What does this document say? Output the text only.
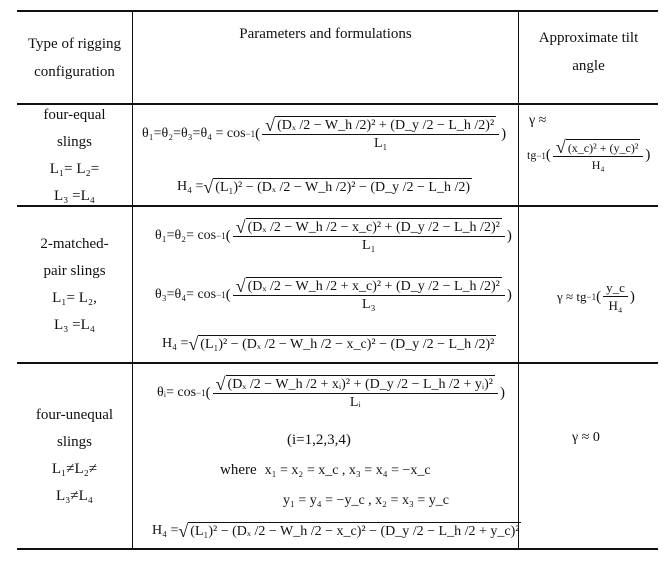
Type of rigging configuration
Parameters and formulations	Approximate tilt angle
four-equal
slings
L₁= L₂=
L₃ =L₄
θ₁=θ₂=θ₃=θ₄ = cos −1 ( $\frac{\text{√ (Dₓ /2 − W\_h /2)² + (D\_y /2 − L\_h /2)²}}{\text{L₁}}$ )
H₄ = √ (L₁)² − (Dₓ /2 − W_h /2)² − (D_y /2 − L_h /2)
γ ≈
tg −1 ( $\frac{\text{√ (x\_c)² + (y\_c)²}}{\text{H₄}}$ )
2-matched-
pair slings
L₁= L₂,
L₃ =L₄
θ₁=θ₂= cos −1 ( $\frac{\text{√ (Dₓ /2 − W\_h /2 − x\_c)² + (D\_y /2 − L\_h /2)²}}{\text{L₁}}$ )
θ₃=θ₄= cos −1 ( $\frac{\text{√ (Dₓ /2 − W\_h /2 + x\_c)² + (D\_y /2 − L\_h /2)²}}{\text{L₃}}$ )
H₄ = √ (L₁)² − (Dₓ /2 − W_h /2 − x_c)² − (D_y /2 − L_h /2)²
γ ≈ tg −1 ( $\frac{y\_c}{\text{H₄}}$ )
four-unequal
slings
L₁≠L₂≠
L₃≠L₄
θᵢ= cos −1 ( $\frac{\text{√ (Dₓ /2 − W\_h /2 + xᵢ)² + (D\_y /2 − L\_h /2 + yᵢ)²}}{\text{Lᵢ}}$ )
(i=1,2,3,4)
where x₁ = x₂ = x_c , x₃ = x₄ = −x_c
y₁ = y₄ = −y_c , x₂ = x₃ = y_c
H₄ = √ (L₁)² − (Dₓ /2 − W_h /2 − x_c)² − (D_y /2 − L_h /2 + y_c)²
γ ≈ 0
